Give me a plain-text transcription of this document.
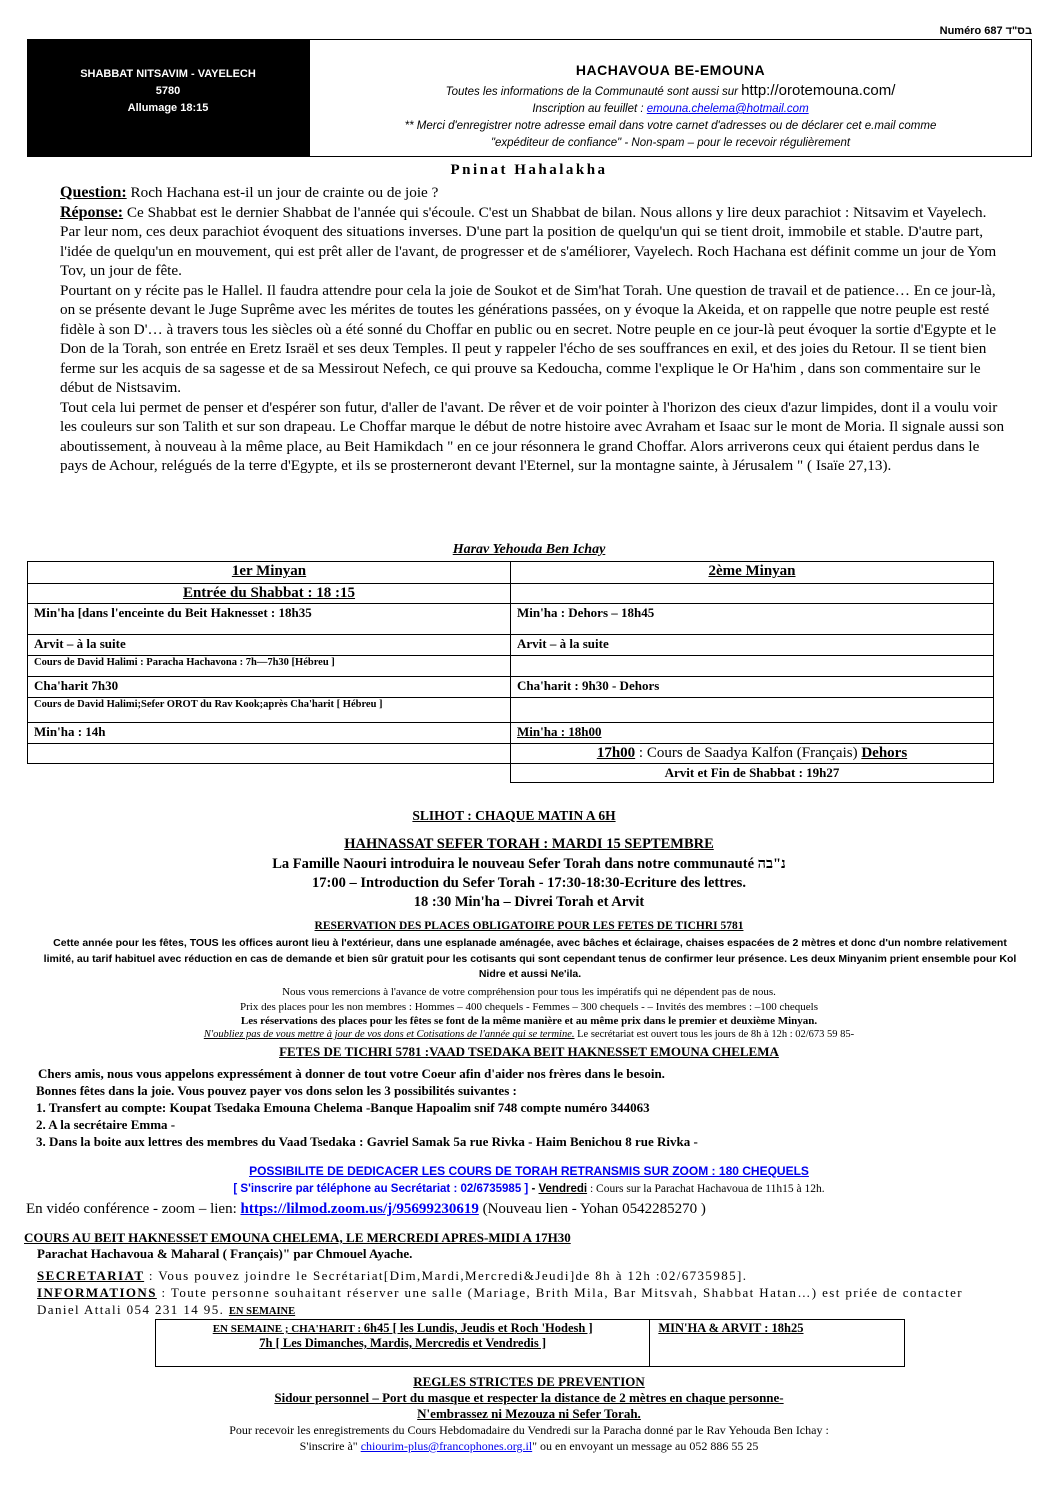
Numéro 687 בס"ד
SHABBAT NITSAVIM - VAYELECH
5780
Allumage 18:15
HACHAVOUA BE-EMOUNA
Toutes les informations de la Communauté sont aussi sur http://orotemouna.com/
Inscription au feuillet : emouna.chelema@hotmail.com
** Merci d'enregistrer notre adresse email dans votre carnet d'adresses ou de déclarer cet e.mail comme
"expéditeur de confiance" - Non-spam – pour le recevoir régulièrement
Pninat Hahalakha

Question: Roch Hachana est-il un jour de crainte ou de joie ?

Réponse: Ce Shabbat est le dernier Shabbat de l'année qui s'écoule. C'est un Shabbat de bilan. Nous allons y lire deux parachiot : Nitsavim et Vayelech. Par leur nom, ces deux parachiot évoquent des situations inverses. D'une part la position de quelqu'un qui se tient droit, immobile et stable. D'autre part, l'idée de quelqu'un en mouvement, qui est prêt aller de l'avant, de progresser et de s'améliorer, Vayelech. Roch Hachana est définit comme un jour de Yom Tov, un jour de fête.

Pourtant on y récite pas le Hallel. Il faudra attendre pour cela la joie de Soukot et de Sim'hat Torah. Une question de travail et de patience… En ce jour-là, on se présente devant le Juge Suprême avec les mérites de toutes les générations passées, on y évoque la Akeida, et on rappelle que notre peuple est resté fidèle à son D'… à travers tous les siècles où a été sonné du Choffar en public ou en secret. Notre peuple en ce jour-là peut évoquer la sortie d'Egypte et le Don de la Torah, son entrée en Eretz Israël et ses deux Temples. Il peut y rappeler l'écho de ses souffrances en exil, et des joies du Retour. Il se tient bien ferme sur les acquis de sa sagesse et de sa Messirout Nefech, ce qui prouve sa Kedoucha, comme l'explique le Or Ha'him , dans son commentaire sur le début de Nistsavim.

Tout cela lui permet de penser et d'espérer son futur, d'aller de l'avant. De rêver et de voir pointer à l'horizon des cieux d'azur limpides, dont il a voulu voir les couleurs sur son Talith et sur son drapeau. Le Choffar marque le début de notre histoire avec Avraham et Isaac sur le mont de Moria. Il signale aussi son aboutissement, à nouveau à la même place, au Beit Hamikdach " en ce jour résonnera le grand Choffar. Alors arriverons ceux qui étaient perdus dans le pays de Achour, relégués de la terre d'Egypte, et ils se prosterneront devant l'Eternel, sur la montagne sainte, à Jérusalem " ( Isaïe 27,13).

Harav Yehouda Ben Ichay
1er Minyan	2ème Minyan
Entrée du Shabbat : 18 :15	
Min'ha [dans l'enceinte du Beit Haknesset : 18h35	Min'ha : Dehors – 18h45
Arvit – à la suite	Arvit – à la suite
Cours de David Halimi : Paracha Hachavona : 7h—7h30 [Hébreu ]	
Cha'harit 7h30	Cha'harit : 9h30 - Dehors
Cours de David Halimi;Sefer OROT du Rav Kook;après Cha'harit [ Hébreu ]	
Min'ha : 14h	Min'ha : 18h00
	17h00 : Cours de Saadya Kalfon (Français) Dehors
	Arvit et Fin de Shabbat : 19h27
SLIHOT : CHAQUE MATIN A 6H
HAHNASSAT SEFER TORAH : MARDI 15 SEPTEMBRE
La Famille Naouri introduira le nouveau Sefer Torah dans notre communauté נ"בה
17:00 – Introduction du Sefer Torah - 17:30-18:30-Ecriture des lettres.
18 :30 Min'ha – Divrei Torah et Arvit
RESERVATION DES PLACES OBLIGATOIRE POUR LES FETES DE TICHRI 5781
Cette année pour les fêtes, TOUS les offices auront lieu à l'extérieur, dans une esplanade aménagée, avec bâches et éclairage, chaises espacées de 2 mètres et donc d'un nombre relativement limité, au tarif habituel avec réduction en cas de demande et bien sûr gratuit pour les cotisants qui sont cependant tenus de confirmer leur présence. Les deux Minyanim prient ensemble pour Kol Nidre et aussi Ne'ila.
Nous vous remercions à l'avance de votre compréhension pour tous les impératifs qui ne dépendent pas de nous.
Prix des places pour les non membres : Hommes – 400 chequels - Femmes – 300 chequels - – Invités des membres : –100 chequels
Les réservations des places pour les fêtes se font de la même manière et au même prix dans le premier et deuxième Minyan.
N'oubliez pas de vous mettre à jour de vos dons et Cotisations de l'année qui se termine. Le secrétariat est ouvert tous les jours de 8h à 12h : 02/673 59 85-
FETES DE TICHRI 5781 :VAAD TSEDAKA BEIT HAKNESSET EMOUNA CHELEMA
Chers amis, nous vous appelons expressément à donner de tout votre Coeur afin d'aider nos frères dans le besoin.
Bonnes fêtes dans la joie. Vous pouvez payer vos dons selon les 3 possibilités suivantes :
1. Transfert au compte: Koupat Tsedaka Emouna Chelema -Banque Hapoalim snif 748 compte numéro 344063
2. A la secrétaire Emma -
3. Dans la boite aux lettres des membres du Vaad Tsedaka : Gavriel Samak 5a rue Rivka - Haim Benichou 8 rue Rivka -
POSSIBILITE DE DEDICACER LES COURS DE TORAH RETRANSMIS SUR ZOOM : 180 CHEQUELS
[ S'inscrire par téléphone au Secrétariat : 02/6735985 ] - Vendredi : Cours sur la Parachat Hachavoua de 11h15 à 12h.
En vidéo conférence - zoom – lien: https://lilmod.zoom.us/j/95699230619 (Nouveau lien - Yohan 0542285270 )
COURS AU BEIT HAKNESSET EMOUNA CHELEMA, LE MERCREDI APRES-MIDI A 17H30
Parachat Hachavoua & Maharal ( Français)" par Chmouel Ayache.
SECRETARIAT : Vous pouvez joindre le Secrétariat[Dim,Mardi,Mercredi&Jeudi]de 8h à 12h :02/6735985].
INFORMATIONS : Toute personne souhaitant réserver une salle (Mariage, Brith Mila, Bar Mitsvah, Shabbat Hatan…) est priée de contacter Daniel Attali 054 231 14 95. EN SEMAINE
EN SEMAINE ; CHA'HARIT : 6h45 [ les Lundis, Jeudis et Roch 'Hodesh ]
7h [ Les Dimanches, Mardis, Mercredis et Vendredis ]	MIN'HA & ARVIT : 18h25
REGLES STRICTES DE PREVENTION
Sidour personnel – Port du masque et respecter la distance de 2 mètres en chaque personne-
N'embrassez ni Mezouza ni Sefer Torah.
Pour recevoir les enregistrements du Cours Hebdomadaire du Vendredi sur la Paracha donné par le Rav Yehouda Ben Ichay :
S'inscrire à" chiourim-plus@francophones.org.il" ou en envoyant un message au 052 886 55 25
